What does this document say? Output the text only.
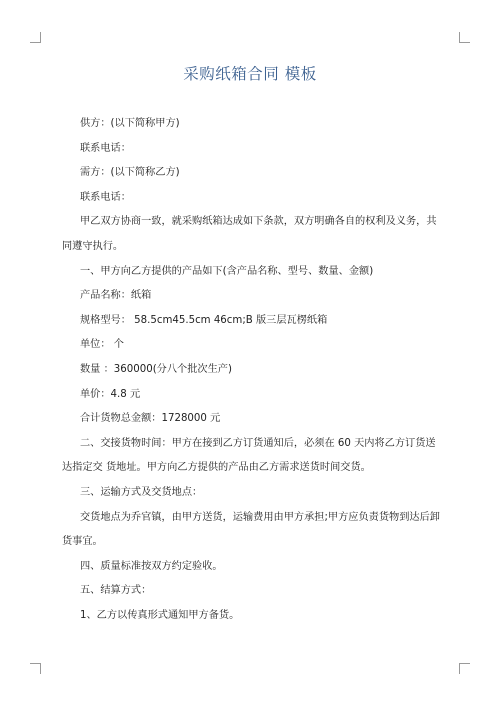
采购纸箱合同 模板

供方：(以下简称甲方)

联系电话：

需方：(以下简称乙方)

联系电话：

甲乙双方协商一致，就采购纸箱达成如下条款，双方明确各自的权利及义务，共同遵守执行。

一、甲方向乙方提供的产品如下(含产品名称、型号、数量、金额)

产品名称：纸箱

规格型号： 58.5cm45.5cm 46cm;B 版三层瓦楞纸箱

单位： 个

数量 ：360000(分八个批次生产)

单价：4.8 元

合计货物总金额：1728000 元

二、交接货物时间：甲方在接到乙方订货通知后，必须在 60 天内将乙方订货送达指定交 货地址。甲方向乙方提供的产品由乙方需求送货时间交货。

三、运输方式及交货地点：

交货地点为乔官镇，由甲方送货，运输费用由甲方承担;甲方应负责货物到达后卸货事宜。

四、质量标准按双方约定验收。

五、结算方式：

1、乙方以传真形式通知甲方备货。
